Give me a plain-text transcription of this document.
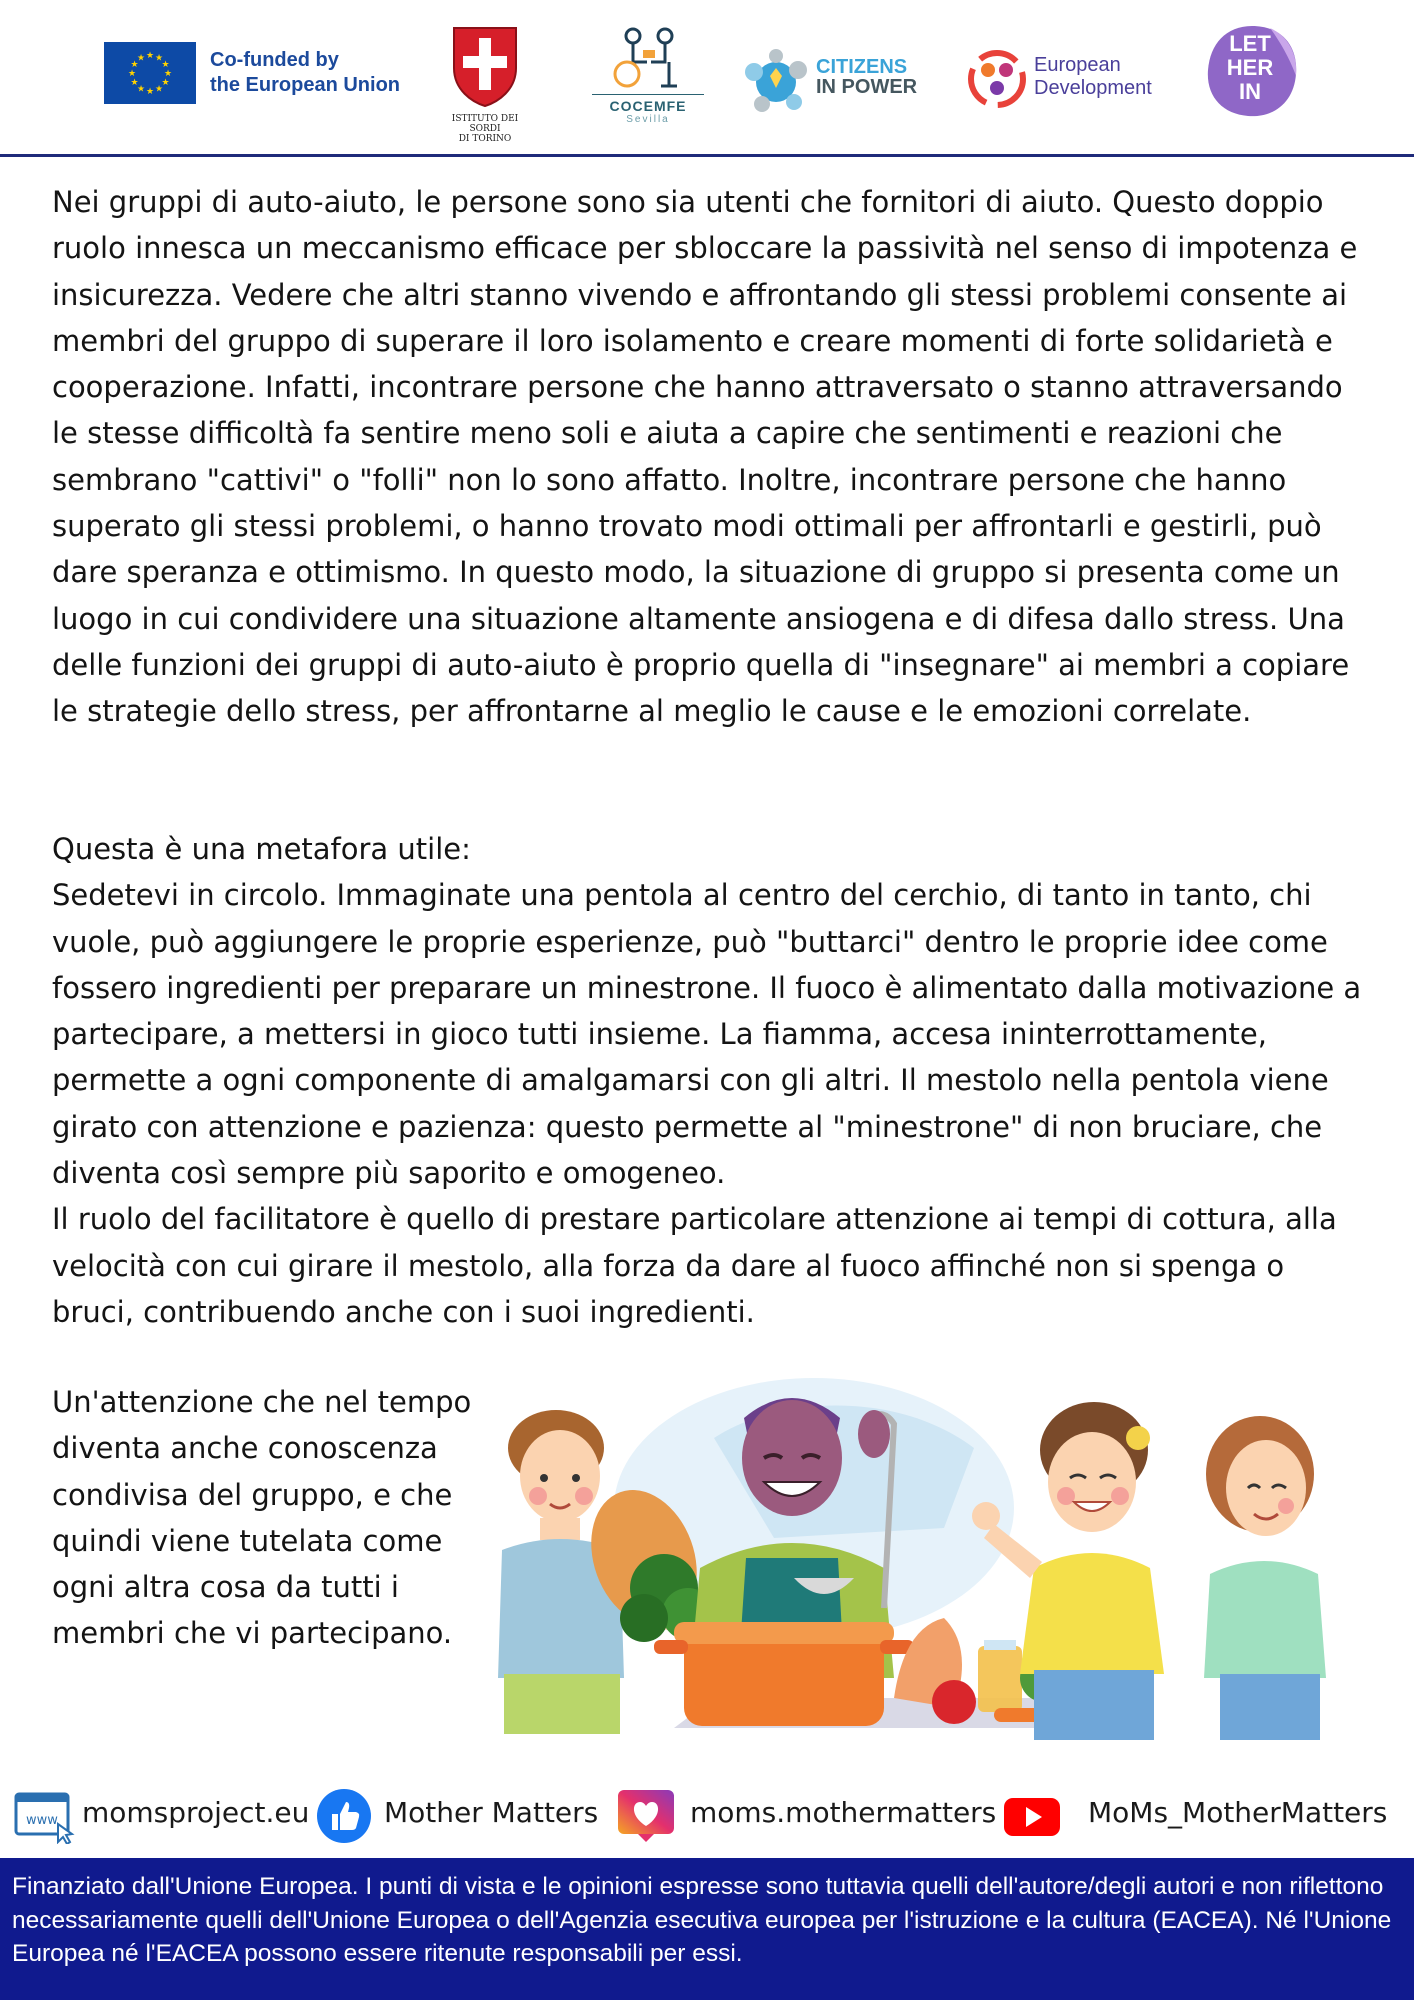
★ ★
★
★
★
★
★
★
★
★
★
★	Co-funded by
the European Union
ISTITUTO DEI SORDI
DI TORINO
COCEMFE
Sevilla
CITIZENS
IN POWER
European
Development
LET
HER
IN

Nei gruppi di auto-aiuto, le persone sono sia utenti che fornitori di aiuto. Questo doppio ruolo innesca un meccanismo efficace per sbloccare la passività nel senso di impotenza e insicurezza. Vedere che altri stanno vivendo e affrontando gli stessi problemi consente ai membri del gruppo di superare il loro isolamento e creare momenti di forte solidarietà e cooperazione. Infatti, incontrare persone che hanno attraversato o stanno attraversando le stesse difficoltà fa sentire meno soli e aiuta a capire che sentimenti e reazioni che sembrano "cattivi" o "folli" non lo sono affatto. Inoltre, incontrare persone che hanno superato gli stessi problemi, o hanno trovato modi ottimali per affrontarli e gestirli, può dare speranza e ottimismo. In questo modo, la situazione di gruppo si presenta come un luogo in cui condividere una situazione altamente ansiogena e di difesa dallo stress. Una delle funzioni dei gruppi di auto-aiuto è proprio quella di "insegnare" ai membri a copiare le strategie dello stress, per affrontarne al meglio le cause e le emozioni correlate.

Questa è una metafora utile:
Sedetevi in circolo. Immaginate una pentola al centro del cerchio, di tanto in tanto, chi vuole, può aggiungere le proprie esperienze, può "buttarci" dentro le proprie idee come fossero ingredienti per preparare un minestrone. Il fuoco è alimentato dalla motivazione a partecipare, a mettersi in gioco tutti insieme. La fiamma, accesa ininterrottamente, permette a ogni componente di amalgamarsi con gli altri. Il mestolo nella pentola viene girato con attenzione e pazienza: questo permette al "minestrone" di non bruciare, che diventa così sempre più saporito e omogeneo.
Il ruolo del facilitatore è quello di prestare particolare attenzione ai tempi di cottura, alla velocità con cui girare il mestolo, alla forza da dare al fuoco affinché non si spenga o bruci, contribuendo anche con i suoi ingredienti.

Un'attenzione che nel tempo diventa anche conoscenza condivisa del gruppo, e che quindi viene tutelata come ogni altra cosa da tutti i membri che vi partecipano.

www momsproject.eu	Mother Matters	moms.mothermatters	MoMs_MotherMatters
Finanziato dall'Unione Europea. I punti di vista e le opinioni espresse sono tuttavia quelli dell'autore/degli autori e non riflettono necessariamente quelli dell'Unione Europea o dell'Agenzia esecutiva europea per l'istruzione e la cultura (EACEA). Né l'Unione Europea né l'EACEA possono essere ritenute responsabili per essi.
